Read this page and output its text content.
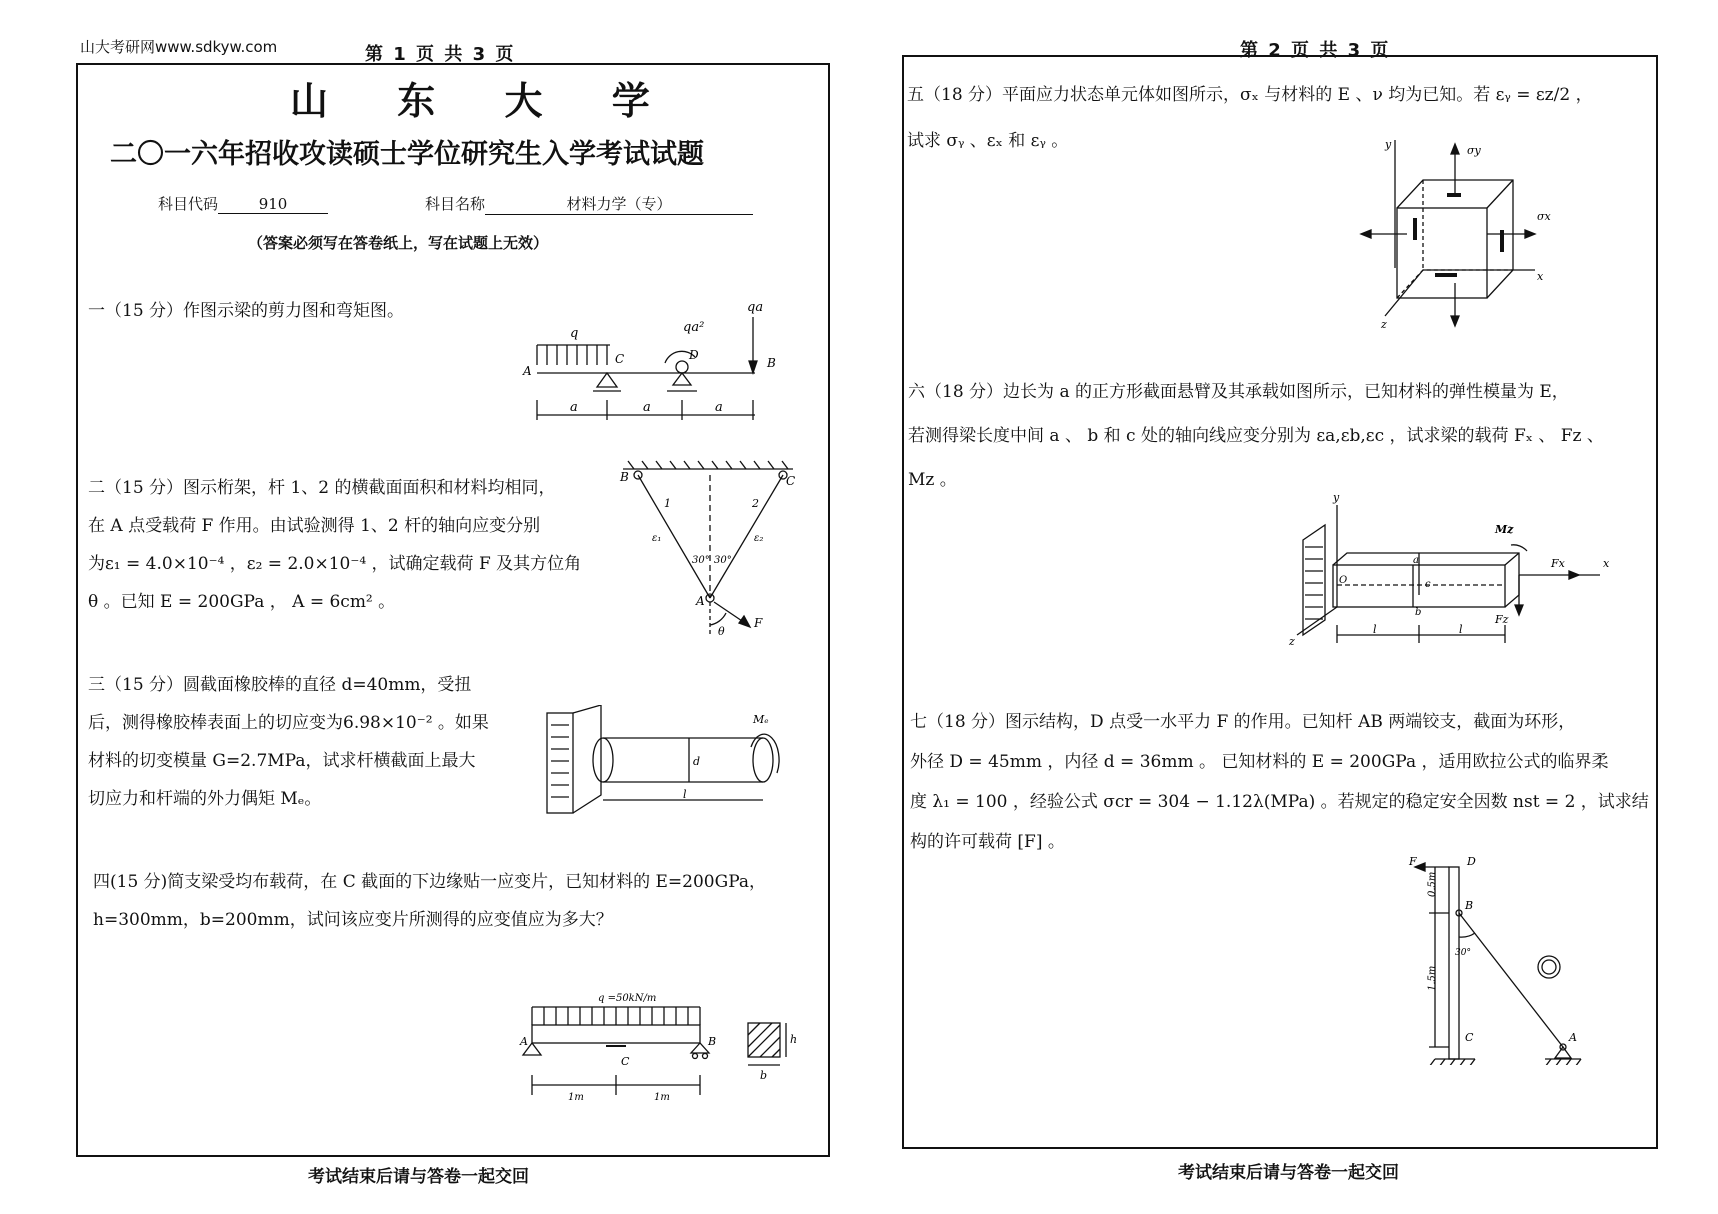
山大考研网www.sdkyw.com	第 1 页 共 3 页
山 东 大 学
二〇一六年招收攻读硕士学位研究生入学考试试题
科目代码	910	科目名称	材料力学（专）
（答案必须写在答卷纸上，写在试题上无效）
一（15 分）作图示梁的剪力图和弯矩图。
q	qa²
qa
A
C	D
B
a	a	a
二（15 分）图示桁架，杆 1、2 的横截面面积和材料均相同，
在 A 点受载荷 F 作用。由试验测得 1、2 杆的轴向应变分别
为ε₁ = 4.0×10⁻⁴ ，ε₂ = 2.0×10⁻⁴ ，试确定载荷 F 及其方位角
θ 。已知 E = 200GPa ， A = 6cm² 。
B	C
A
1	2
ε₁	ε₂
30° 30°
θ
F
三（15 分）圆截面橡胶棒的直径 d=40mm，受扭
后，测得橡胶棒表面上的切应变为6.98×10⁻² 。如果
材料的切变模量 G=2.7MPa，试求杆横截面上最大
切应力和杆端的外力偶矩 Mₑ。
Mₑ
d
l
四(15 分)简支梁受均布载荷，在 C 截面的下边缘贴一应变片，已知材料的 E=200GPa，
h=300mm，b=200mm，试问该应变片所测得的应变值应为多大？
q =50kN/m
A	B
C
1m	1m
h
b
考试结束后请与答卷一起交回
第 2 页 共 3 页
五（18 分）平面应力状态单元体如图所示，σₓ 与材料的 E 、ν 均为已知。若 εᵧ = εz/2 ，
试求 σᵧ 、εₓ 和 εᵧ 。	y	σy
σx
x
z
六（18 分）边长为 a 的正方形截面悬臂及其承载如图所示，已知材料的弹性模量为 E，
若测得梁长度中间 a 、 b 和 c 处的轴向线应变分别为 εa,εb,εc ，试求梁的载荷 Fₓ 、 Fz 、
Mz 。
y
Mz
Fx	x
Fz
z
O
a
b
c
l	l
七（18 分）图示结构，D 点受一水平力 F 的作用。已知杆 AB 两端铰支，截面为环形，
外径 D = 45mm ，内径 d = 36mm 。 已知材料的 E = 200GPa ，适用欧拉公式的临界柔
度 λ₁ = 100 ，经验公式 σcr = 304 − 1.12λ(MPa) 。若规定的稳定安全因数 nst = 2 ，试求结
构的许可载荷 [F] 。
F	D
B
C	A
0.5m
1.5m
30°
考试结束后请与答卷一起交回
